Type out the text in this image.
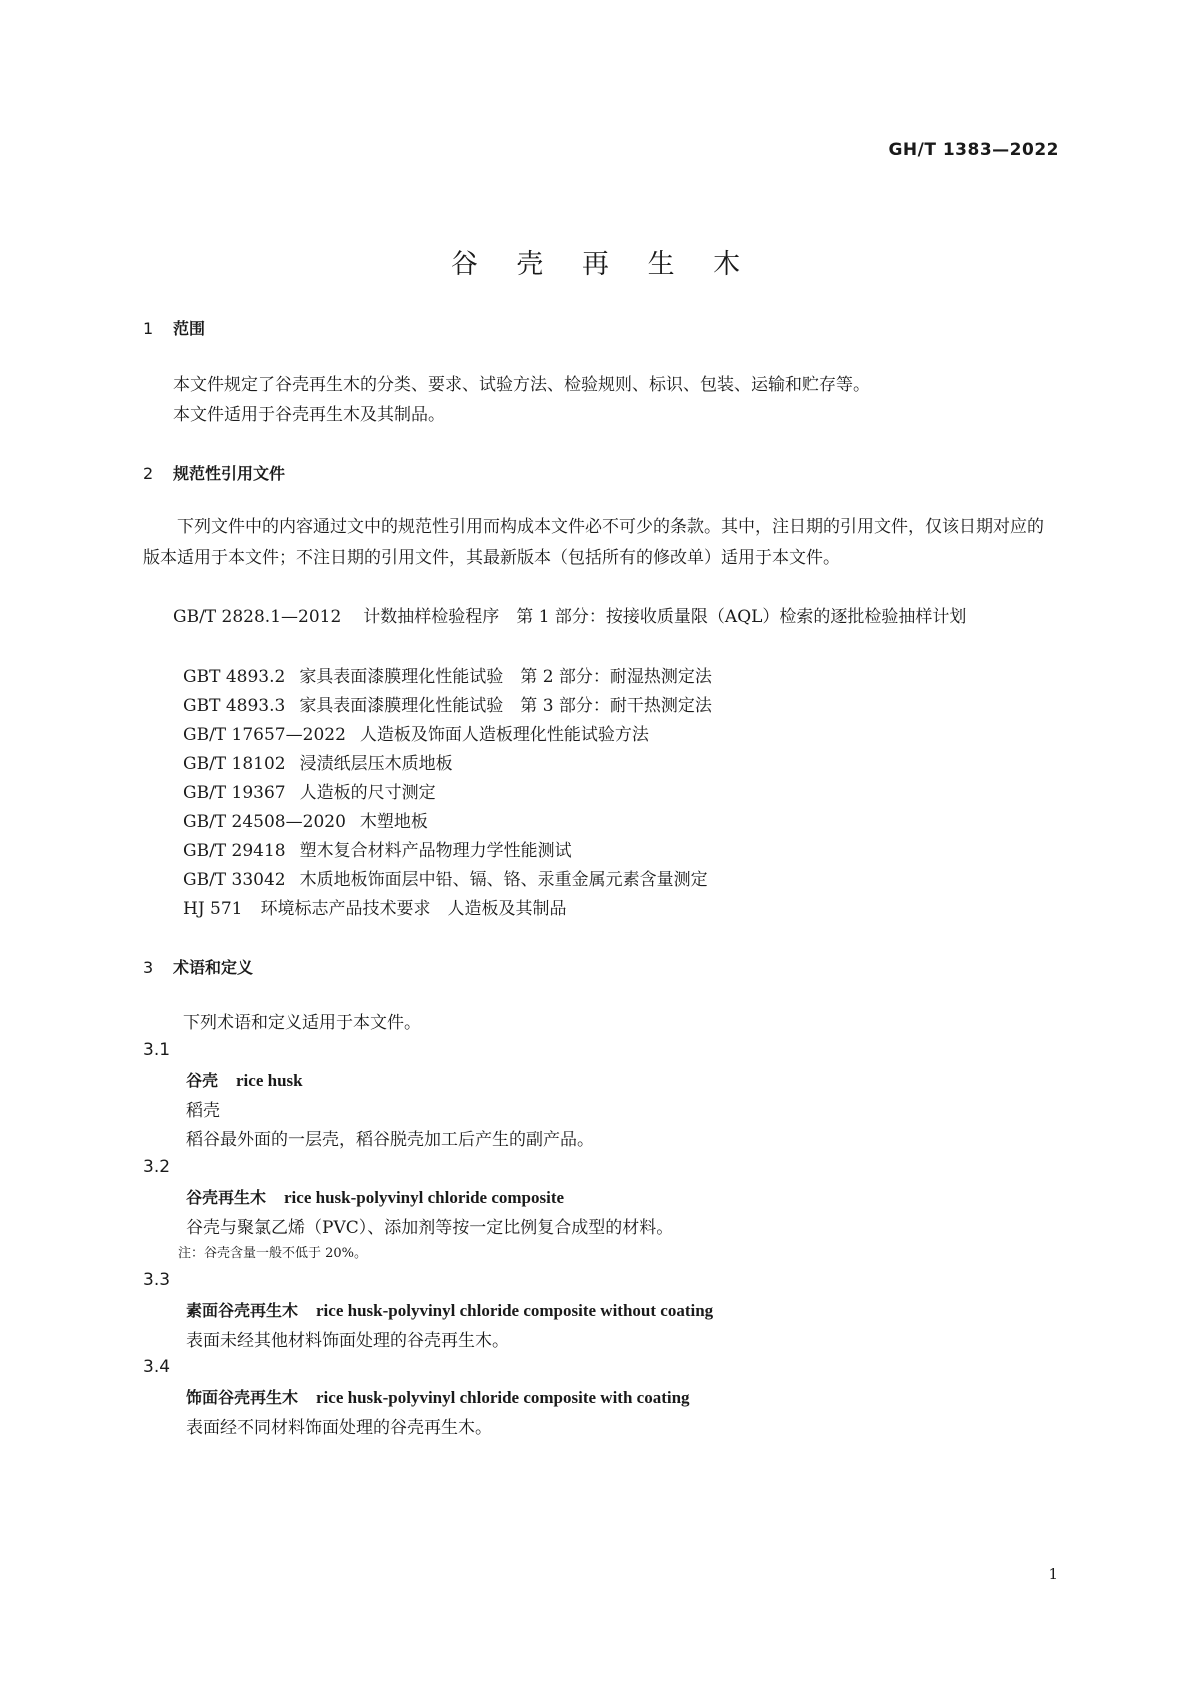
GH/T 1383—2022
谷 壳 再 生 木
1 范围
本文件规定了谷壳再生木的分类、要求、试验方法、检验规则、标识、包装、运输和贮存等。
本文件适用于谷壳再生木及其制品。
2 规范性引用文件
下列文件中的内容通过文中的规范性引用而构成本文件必不可少的条款。其中，注日期的引用文件，仅该日期对应的版本适用于本文件；不注日期的引用文件，其最新版本（包括所有的修改单）适用于本文件。
GB/T 2828.1—2012 计数抽样检验程序　第 1 部分：按接收质量限（AQL）检索的逐批检验抽样计划
GBT 4893.2 家具表面漆膜理化性能试验　第 2 部分：耐湿热测定法
GBT 4893.3 家具表面漆膜理化性能试验　第 3 部分：耐干热测定法
GB/T 17657—2022 人造板及饰面人造板理化性能试验方法
GB/T 18102 浸渍纸层压木质地板
GB/T 19367 人造板的尺寸测定
GB/T 24508—2020 木塑地板
GB/T 29418 塑木复合材料产品物理力学性能测试
GB/T 33042 木质地板饰面层中铅、镉、铬、汞重金属元素含量测定
HJ 571 环境标志产品技术要求　人造板及其制品
3 术语和定义
下列术语和定义适用于本文件。
3.1
谷壳 rice husk
稻壳
稻谷最外面的一层壳，稻谷脱壳加工后产生的副产品。
3.2
谷壳再生木 rice husk-polyvinyl chloride composite
谷壳与聚氯乙烯（PVC）、添加剂等按一定比例复合成型的材料。
注：谷壳含量一般不低于 20%。
3.3
素面谷壳再生木 rice husk-polyvinyl chloride composite without coating
表面未经其他材料饰面处理的谷壳再生木。
3.4
饰面谷壳再生木 rice husk-polyvinyl chloride composite with coating
表面经不同材料饰面处理的谷壳再生木。
1
